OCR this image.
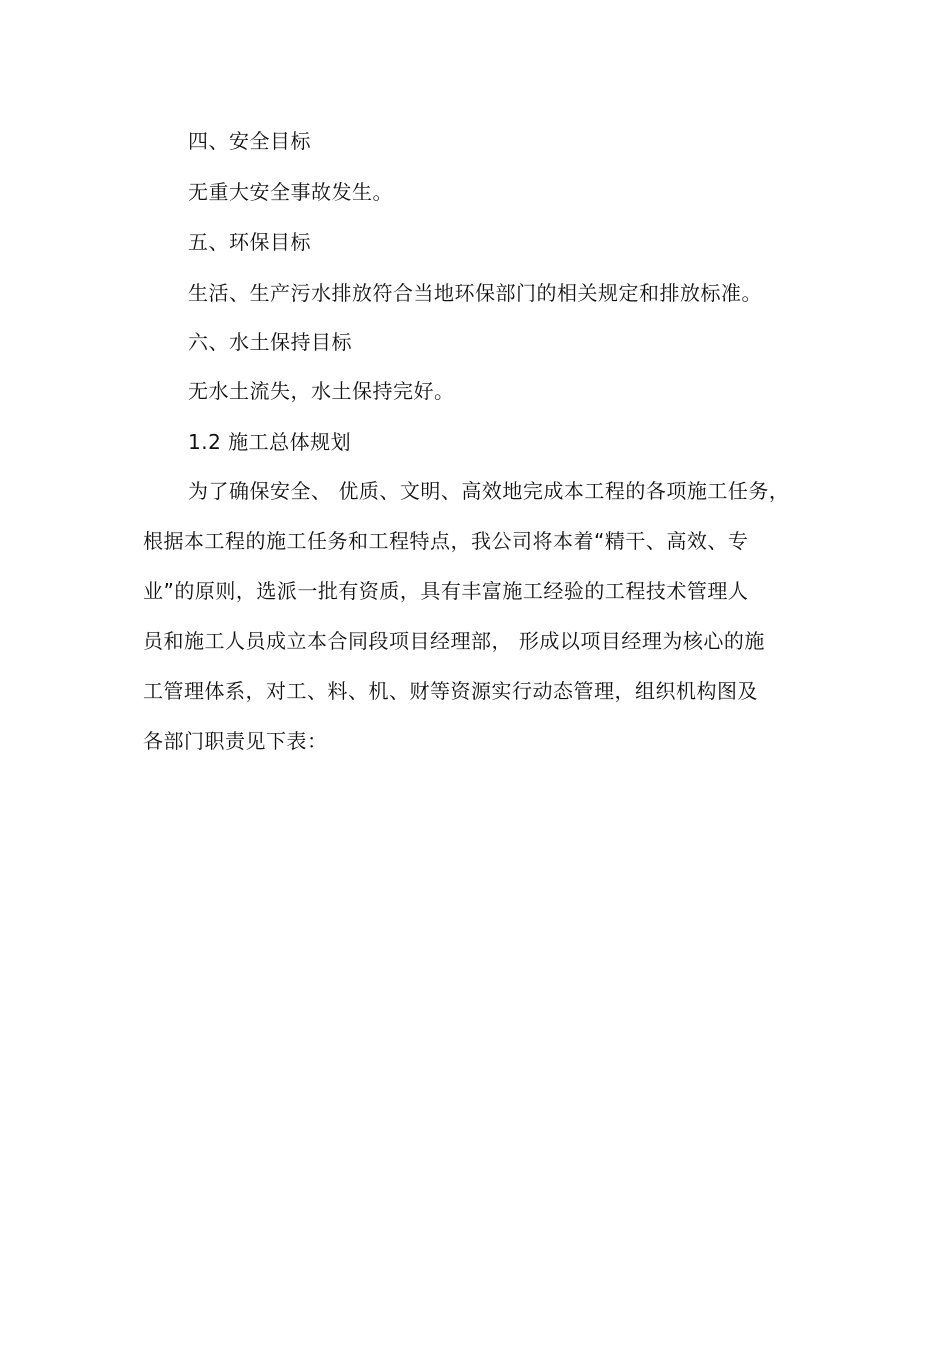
四、安全目标
无重大安全事故发生。
五、环保目标
生活、生产污水排放符合当地环保部门的相关规定和排放标准。
六、水土保持目标
无水土流失，水土保持完好。
1.2 施工总体规划
为了确保安全、 优质、文明、高效地完成本工程的各项施工任务，
根据本工程的施工任务和工程特点，我公司将本着“精干、高效、专
业”的原则，选派一批有资质，具有丰富施工经验的工程技术管理人
员和施工人员成立本合同段项目经理部， 形成以项目经理为核心的施
工管理体系，对工、料、机、财等资源实行动态管理，组织机构图及
各部门职责见下表：
